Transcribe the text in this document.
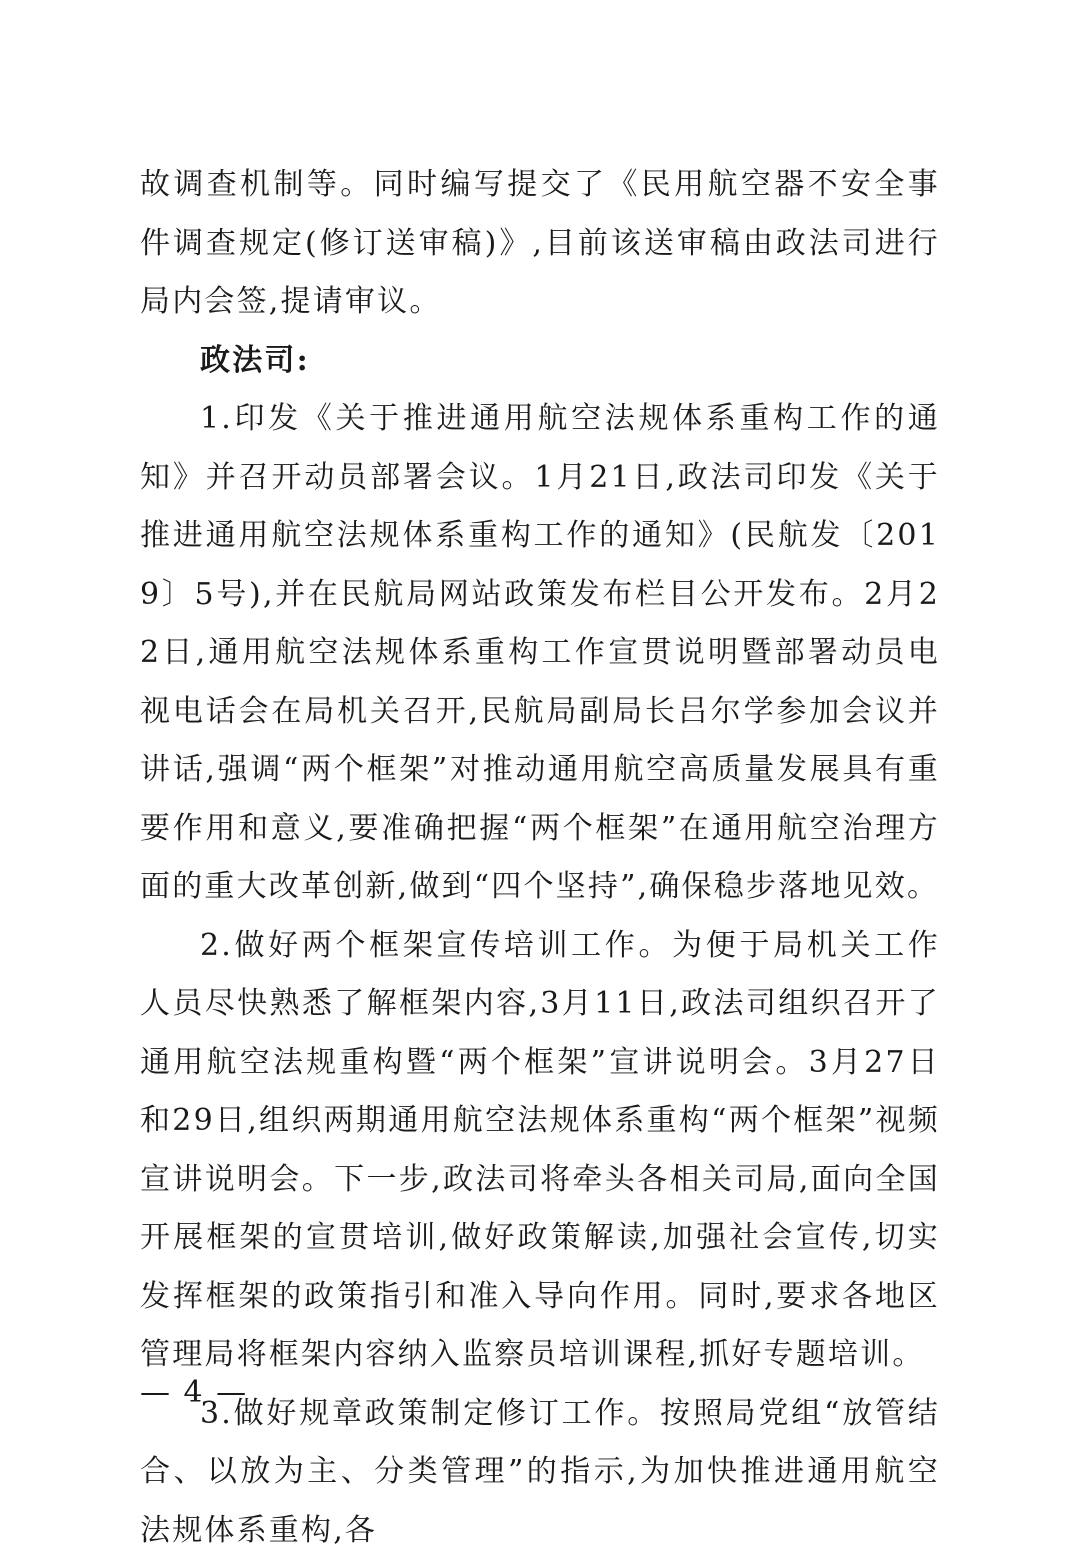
故调查机制等。同时编写提交了《民用航空器不安全事件调查规定(修订送审稿)》,目前该送审稿由政法司进行局内会签,提请审议。

政法司:

1.印发《关于推进通用航空法规体系重构工作的通知》并召开动员部署会议。1月21日,政法司印发《关于推进通用航空法规体系重构工作的通知》(民航发〔2019〕5号),并在民航局网站政策发布栏目公开发布。2月22日,通用航空法规体系重构工作宣贯说明暨部署动员电视电话会在局机关召开,民航局副局长吕尔学参加会议并讲话,强调“两个框架”对推动通用航空高质量发展具有重要作用和意义,要准确把握“两个框架”在通用航空治理方面的重大改革创新,做到“四个坚持”,确保稳步落地见效。

2.做好两个框架宣传培训工作。为便于局机关工作人员尽快熟悉了解框架内容,3月11日,政法司组织召开了通用航空法规重构暨“两个框架”宣讲说明会。3月27日和29日,组织两期通用航空法规体系重构“两个框架”视频宣讲说明会。下一步,政法司将牵头各相关司局,面向全国开展框架的宣贯培训,做好政策解读,加强社会宣传,切实发挥框架的政策指引和准入导向作用。同时,要求各地区管理局将框架内容纳入监察员培训课程,抓好专题培训。

3.做好规章政策制定修订工作。按照局党组“放管结合、以放为主、分类管理”的指示,为加快推进通用航空法规体系重构,各

— 4 —
